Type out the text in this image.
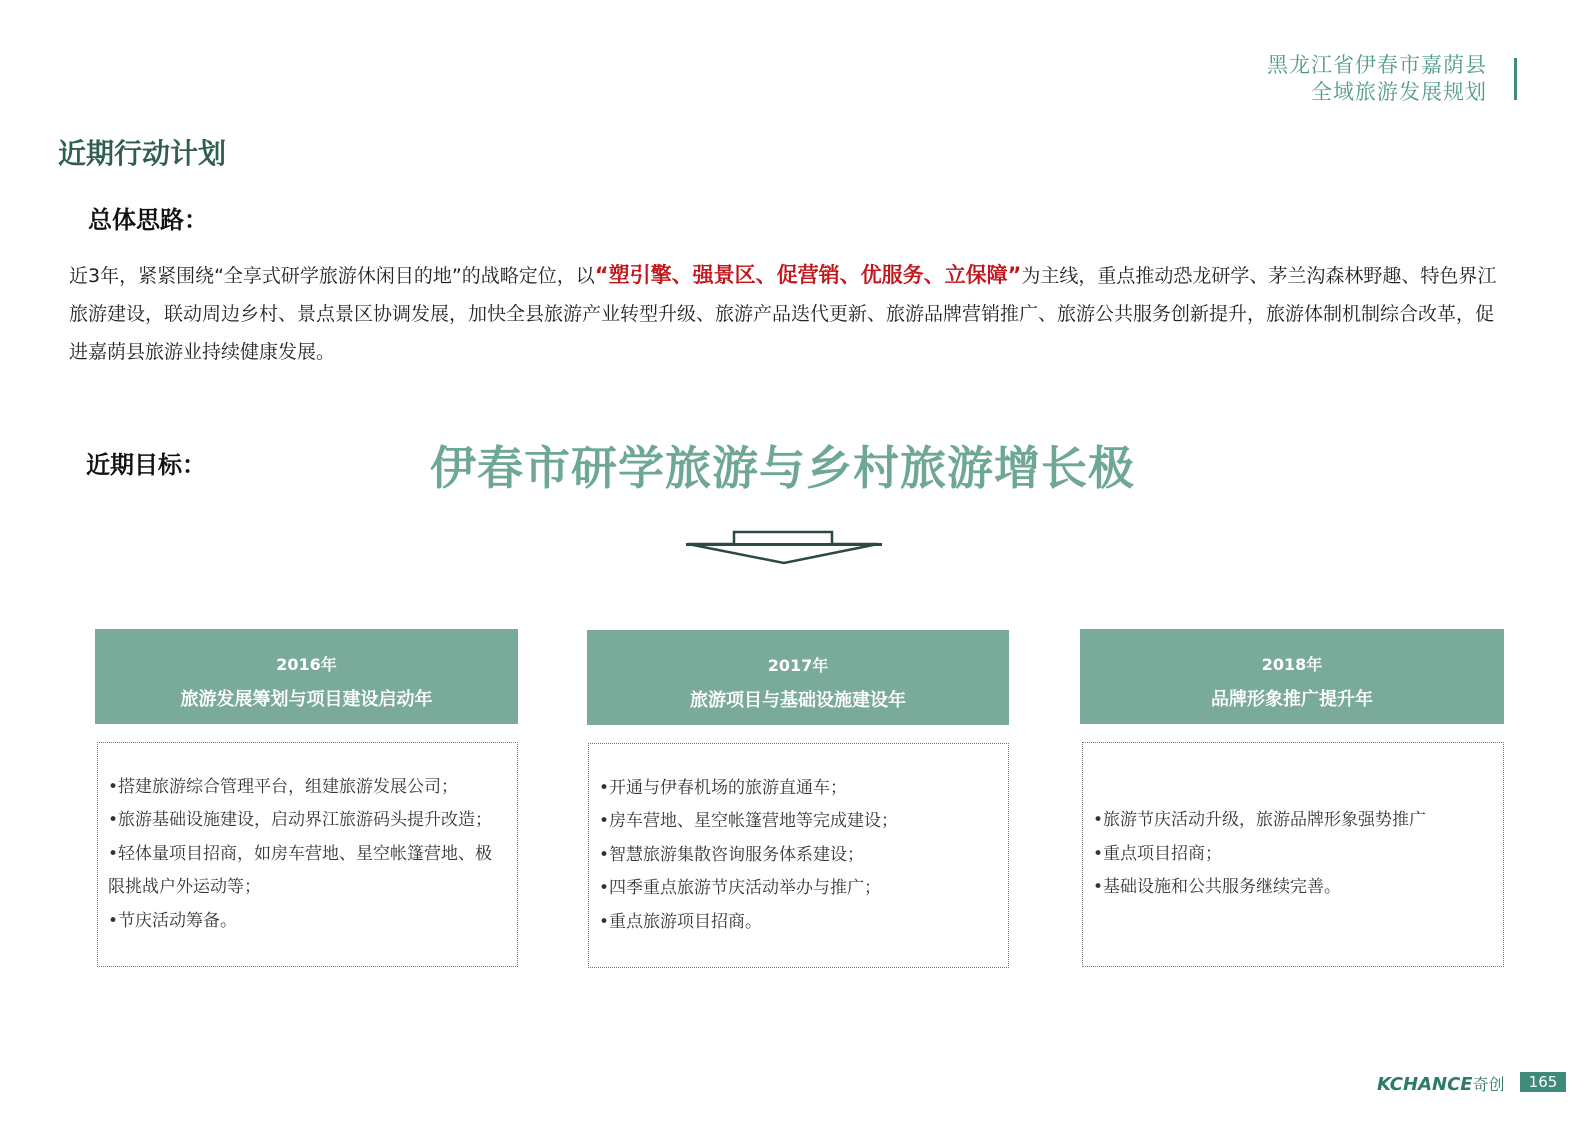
黑龙江省伊春市嘉荫县
全域旅游发展规划
近期行动计划
总体思路：
近3年，紧紧围绕“全享式研学旅游休闲目的地”的战略定位，以“塑引擎、强景区、促营销、优服务、立保障”为主线，重点推动恐龙研学、茅兰沟森林野趣、特色界江旅游建设，联动周边乡村、景点景区协调发展，加快全县旅游产业转型升级、旅游产品迭代更新、旅游品牌营销推广、旅游公共服务创新提升，旅游体制机制综合改革，促进嘉荫县旅游业持续健康发展。
近期目标：	伊春市研学旅游与乡村旅游增长极
2016年
旅游发展筹划与项目建设启动年
2017年
旅游项目与基础设施建设年
2018年
品牌形象推广提升年
•搭建旅游综合管理平台，组建旅游发展公司；
•旅游基础设施建设，启动界江旅游码头提升改造；
•轻体量项目招商，如房车营地、星空帐篷营地、极限挑战户外运动等；
•节庆活动筹备。
•开通与伊春机场的旅游直通车；
•房车营地、星空帐篷营地等完成建设；
•智慧旅游集散咨询服务体系建设；
•四季重点旅游节庆活动举办与推广；
•重点旅游项目招商。
•旅游节庆活动升级，旅游品牌形象强势推广
•重点项目招商；
•基础设施和公共服务继续完善。
KCHANCE奇创	165
